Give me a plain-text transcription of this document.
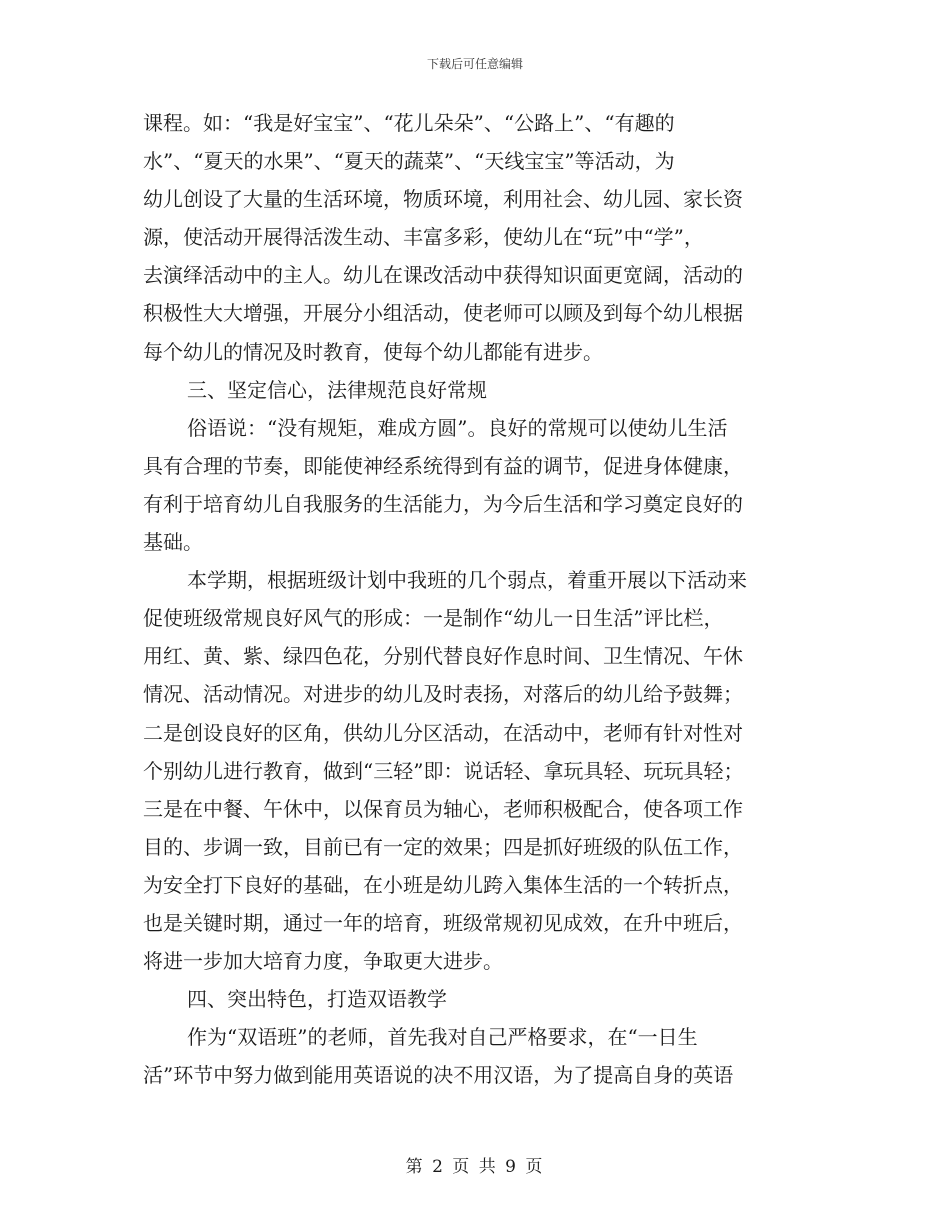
下载后可任意编辑
课程。如：“我是好宝宝”、“花儿朵朵”、“公路上”、“有趣的
水”、“夏天的水果”、“夏天的蔬菜”、“天线宝宝”等活动，为
幼儿创设了大量的生活环境，物质环境，利用社会、幼儿园、家长资
源，使活动开展得活泼生动、丰富多彩，使幼儿在“玩”中“学”，
去演绎活动中的主人。幼儿在课改活动中获得知识面更宽阔，活动的
积极性大大增强，开展分小组活动，使老师可以顾及到每个幼儿根据
每个幼儿的情况及时教育，使每个幼儿都能有进步。
三、坚定信心，法律规范良好常规
俗语说：“没有规矩，难成方圆”。良好的常规可以使幼儿生活
具有合理的节奏，即能使神经系统得到有益的调节，促进身体健康，
有利于培育幼儿自我服务的生活能力，为今后生活和学习奠定良好的
基础。
本学期，根据班级计划中我班的几个弱点，着重开展以下活动来
促使班级常规良好风气的形成：一是制作“幼儿一日生活”评比栏，
用红、黄、紫、绿四色花，分别代替良好作息时间、卫生情况、午休
情况、活动情况。对进步的幼儿及时表扬，对落后的幼儿给予鼓舞；
二是创设良好的区角，供幼儿分区活动，在活动中，老师有针对性对
个别幼儿进行教育，做到“三轻”即：说话轻、拿玩具轻、玩玩具轻；
三是在中餐、午休中，以保育员为轴心，老师积极配合，使各项工作
目的、步调一致，目前已有一定的效果；四是抓好班级的队伍工作，
为安全打下良好的基础，在小班是幼儿跨入集体生活的一个转折点，
也是关键时期，通过一年的培育，班级常规初见成效，在升中班后，
将进一步加大培育力度，争取更大进步。
四、突出特色，打造双语教学
作为“双语班”的老师，首先我对自己严格要求，在“一日生
活”环节中努力做到能用英语说的决不用汉语，为了提高自身的英语
第 2 页 共 9 页
